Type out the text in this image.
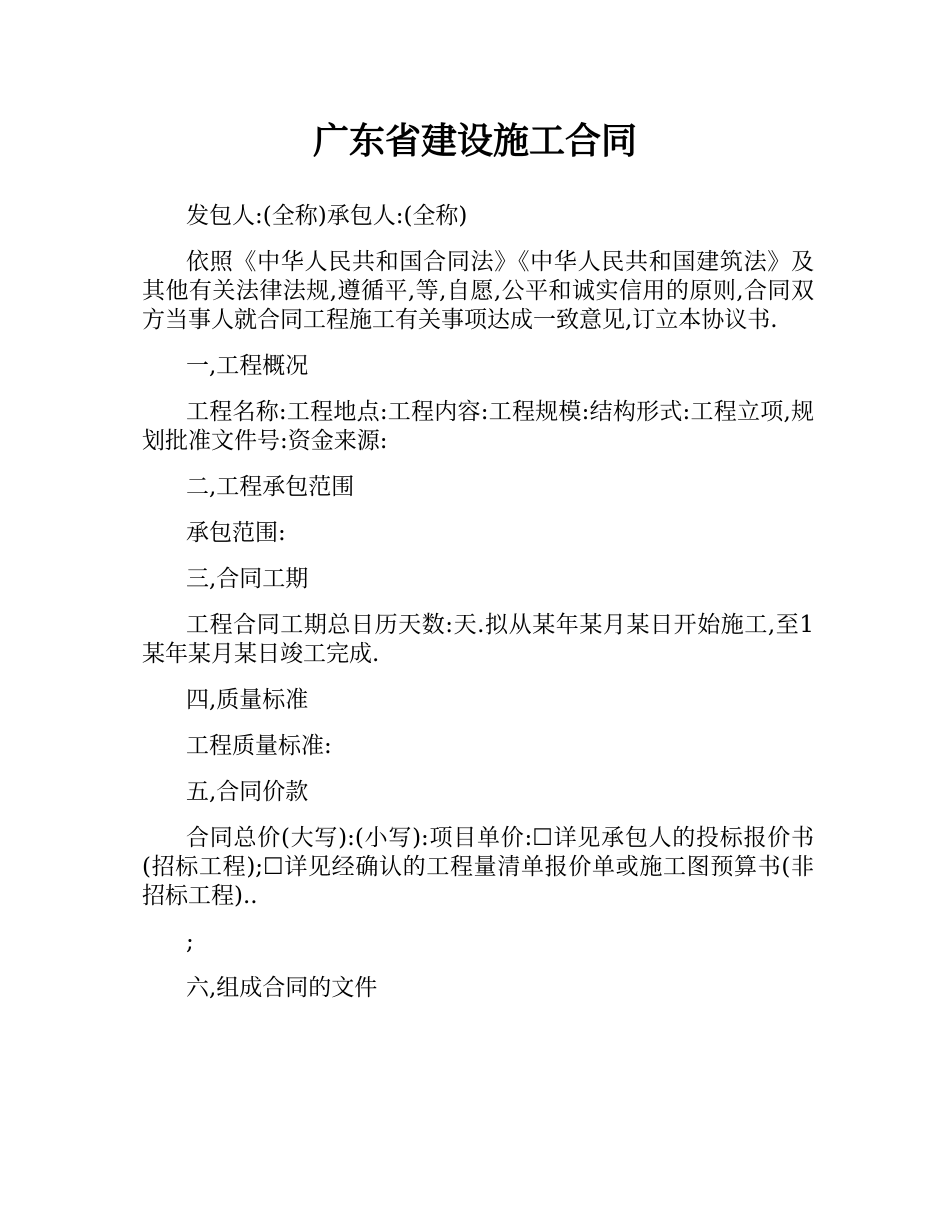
广东省建设施工合同

发包人:(全称)承包人:(全称)

依照《中华人民共和国合同法》《中华人民共和国建筑法》及其他有关法律法规,遵循平,等,自愿,公平和诚实信用的原则,合同双方当事人就合同工程施工有关事项达成一致意见,订立本协议书.

一,工程概况

工程名称:工程地点:工程内容:工程规模:结构形式:工程立项,规划批准文件号:资金来源:

二,工程承包范围

承包范围:

三,合同工期

工程合同工期总日历天数:天.拟从某年某月某日开始施工,至1某年某月某日竣工完成.

四,质量标准

工程质量标准:

五,合同价款

合同总价(大写):(小写):项目单价:☐详见承包人的投标报价书(招标工程);☐详见经确认的工程量清单报价单或施工图预算书(非招标工程)..

;

六,组成合同的文件
